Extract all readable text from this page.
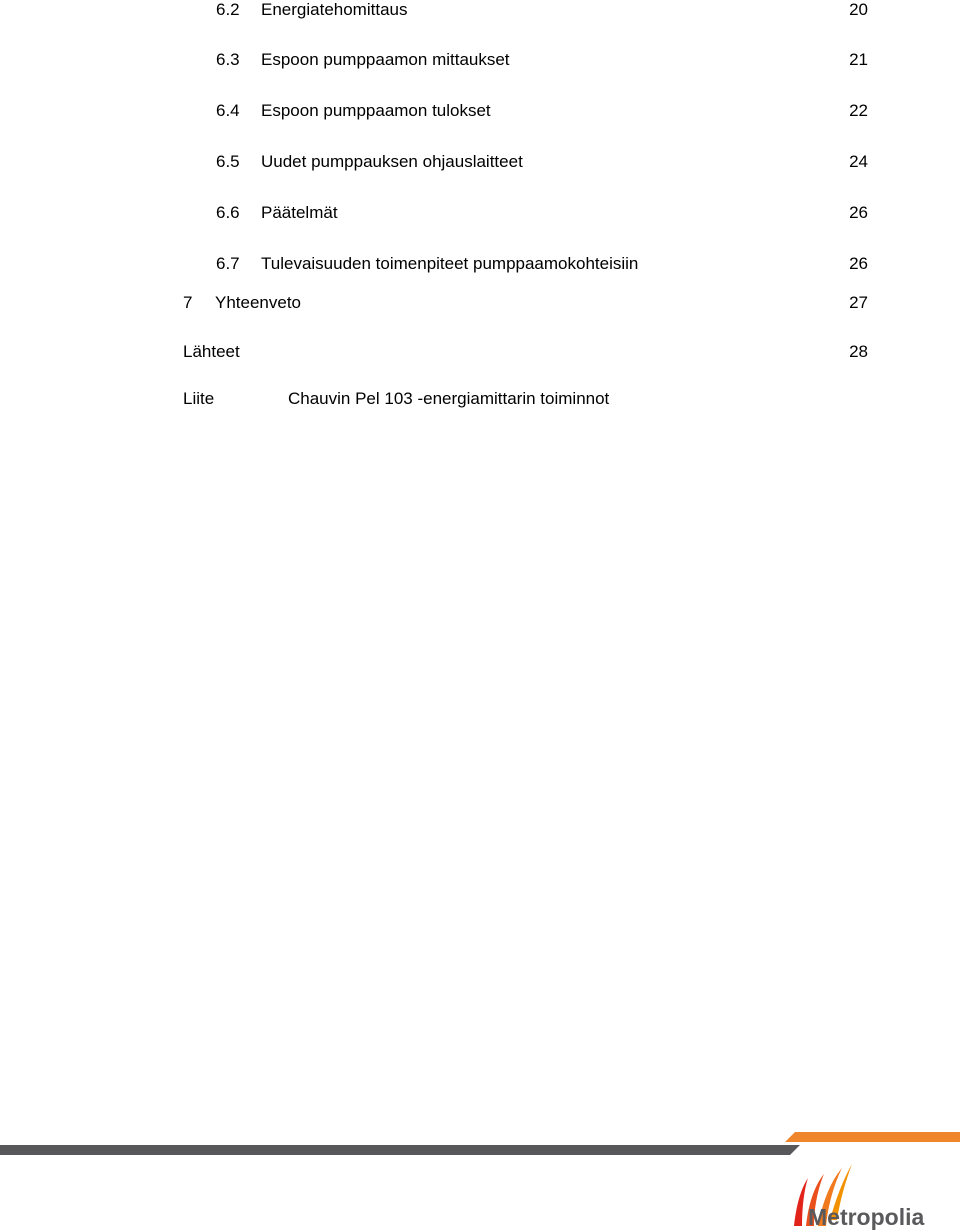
6.2 Energiatehomittaus	20
6.3 Espoon pumppaamon mittaukset	21
6.4 Espoon pumppaamon tulokset	22
6.5 Uudet pumppauksen ohjauslaitteet	24
6.6 Päätelmät	26
6.7 Tulevaisuuden toimenpiteet pumppaamokohteisiin	26
7 Yhteenveto	27
Lähteet	28
Liite	Chauvin Pel 103 -energiamittarin toiminnot
Metropolia
